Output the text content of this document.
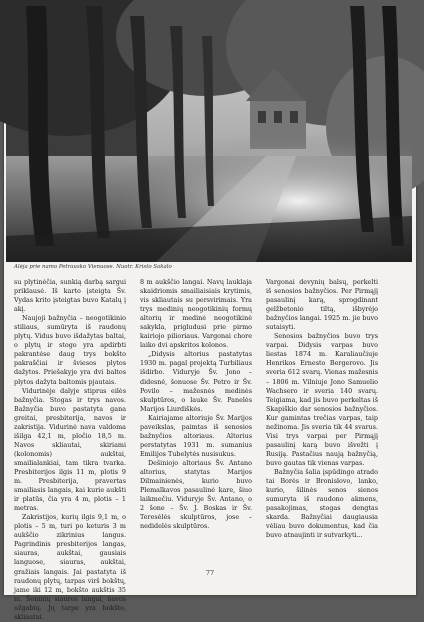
Alėja prie namo Petrausko Vienuose. Nuotr. Kristo Sakalo

su plytinėčia, sunkią darbą sargui priklausė. Iš karto įsteigta Šv. Vydas krito įsteigtas buvo Katalų į akį.

Naujoji bažnyčia – neogotikinio stiliaus, sumūryta iš raudonų plytų. Vidus buvo išdažytas baltai, o plytų ir stogo yra apdirbti pakrantėse daug trys bokšto pakraščiai ir šviesos plytos dažytos. Priešakyje yra dvi baltos plytos dažyta baltomis pjautais.

Vidurinėje dalyje stiprus eilės bažnyčia. Stogas ir trys navos. Bažnyčia buvo pastatyta gana greitai, presbiterija, navos ir zakristija. Vidurinė nava valdoma išilga 42,1 m, pločio 18,5 m. Navos skliautai, skiriami (kolonomis) aukštai, smailialankiai, tam tikra tvarka. Presbiterijos ilgis 11 m, plotis 9 m. Presbiterija, pravertas smailiasis langais, kai kurie aukšti ir platūs, čia yra 4 m, plotis – 1 metras.

Zakristijos, kurių ilgis 9,1 m, o plotis – 5 m, turi po keturis 3 m aukščio zikrinius langus. Pagrindinis presbiterijos langas, siauras, aukštai, gausiais languose, siauras, aukštai, gražiais langais. Jai pastatyta iš raudonų plytų, tarpas virš bokštų, jame iki 12 m, bokšto aukštis 35 m. Šoninių siauros langai, navos užgabių. Jų tarpe yra bokšto, skliautai.

8 m aukščio langai. Navų lauklaja skaidriomis smailiaisiais krytimis, vis skliautais su persvirimais. Yra trys medinių neogotikinių formų altorių ir medinė neogotikinė sakykla, prigludusi prie pirmo kairiojo pilioriaus. Vargonai chore laiko dvi apskritos kolonos.

„Didysis altorius pastatytas 1930 m. pagal projektą Turbiliaus išdirbo. Viduryje Šv. Jono – didesnė, šonuose Šv. Petro ir Šv. Povilo – mažesnės medinės skulptūros, o lauke Šv. Panelės Marijos Liurdiškės.

Kairiajame altoriuje Šv. Marijos paveikslas, paimtas iš senosios bažnyčios altoriaus. Altorius perstatytas 1931 m. sumanius Emilijos Tubelytės nusisukus.

Dešiniojo altoriaus Šv. Antano altorius, statytas Marijos Dilmainienės, kurio buvo Plemalkavos pasaulinė kare, šiuo laikmečiu. Viduryje Šv. Antano, o 2 šone – Šv. J. Boskas ir Šv. Teresėlės skulptūros, jose – nedidelės skulptūros.

Vargonai devynių balsų, perkelti iš senosios bažnyčios. Per Pirmąjį pasaulinį karą, sprogdinant gelžbetonio tiltą, išbyrėjo bažnyčios langai. 1925 m. jie buvo sutaisyti.

Senosios bažnyčios buvo trys varpai. Didysis varpas buvo liestas 1874 m. Karaliaučiuje Henrikos Ernesto Bergerovo. Jis sveria 612 svarų. Vienas mažesnis – 1806 m. Vilniuje Jono Samuelio Wachsero ir sveria 140 svarų. Teigiama, kad jis buvo perkeltas iš Skapiškio dar senosios bažnyčios. Kur gamintas trečias varpas, taip nežinoma. Jis sveria tik 44 svarus. Visi trys varpai per Pirmąjį pasaulinį karą buvo išvežti į Rusiją. Pastačius naują bažnyčią, buvo gautas tik vienas varpas.

Bažnyčia šalia įspūdingo atrado tai Borės ir Bronislovo, lanko, kurio, šilinės senos sienos sumuryta iš raudono akmens, pasakojimas, stogas dengtas skarda. Bažnyčiai daugiausia vėliau buvo dokumentus, kad čia buvo atnaujinti ir sutvarkyti...

77
